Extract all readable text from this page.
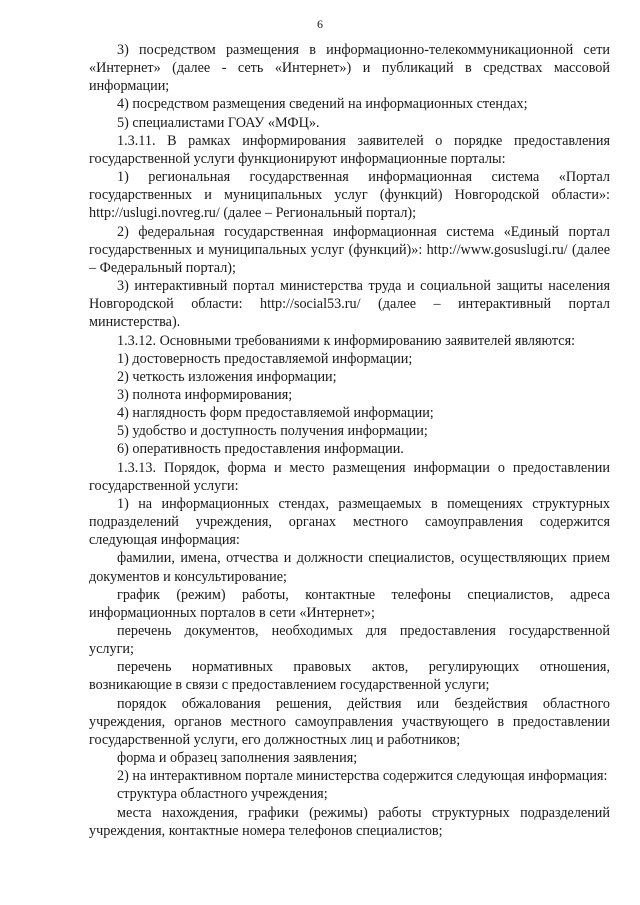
6

3) посредством размещения в информационно-телекоммуникационной сети «Интернет» (далее - сеть «Интернет») и публикаций в средствах массовой информации;

4) посредством размещения сведений на информационных стендах;

5) специалистами ГОАУ «МФЦ».

1.3.11. В рамках информирования заявителей о порядке предоставления государственной услуги функционируют информационные порталы:

1) региональная государственная информационная система «Портал государственных и муниципальных услуг (функций) Новгородской области»: http://uslugi.novreg.ru/ (далее – Региональный портал);

2) федеральная государственная информационная система «Единый портал государственных и муниципальных услуг (функций)»: http://www.gosuslugi.ru/ (далее – Федеральный портал);

3) интерактивный портал министерства труда и социальной защиты населения Новгородской области: http://social53.ru/ (далее – интерактивный портал министерства).

1.3.12. Основными требованиями к информированию заявителей являются:

1) достоверность предоставляемой информации;

2) четкость изложения информации;

3) полнота информирования;

4) наглядность форм предоставляемой информации;

5) удобство и доступность получения информации;

6) оперативность предоставления информации.

1.3.13. Порядок, форма и место размещения информации о предоставлении государственной услуги:

1) на информационных стендах, размещаемых в помещениях структурных подразделений учреждения, органах местного самоуправления содержится следующая информация:

фамилии, имена, отчества и должности специалистов, осуществляющих прием документов и консультирование;

график (режим) работы, контактные телефоны специалистов, адреса информационных порталов в сети «Интернет»;

перечень документов, необходимых для предоставления государственной услуги;

перечень нормативных правовых актов, регулирующих отношения, возникающие в связи с предоставлением государственной услуги;

порядок обжалования решения, действия или бездействия областного учреждения, органов местного самоуправления участвующего в предоставлении государственной услуги, его должностных лиц и работников;

форма и образец заполнения заявления;

2) на интерактивном портале министерства содержится следующая информация:

структура областного учреждения;

места нахождения, графики (режимы) работы структурных подразделений учреждения, контактные номера телефонов специалистов;
